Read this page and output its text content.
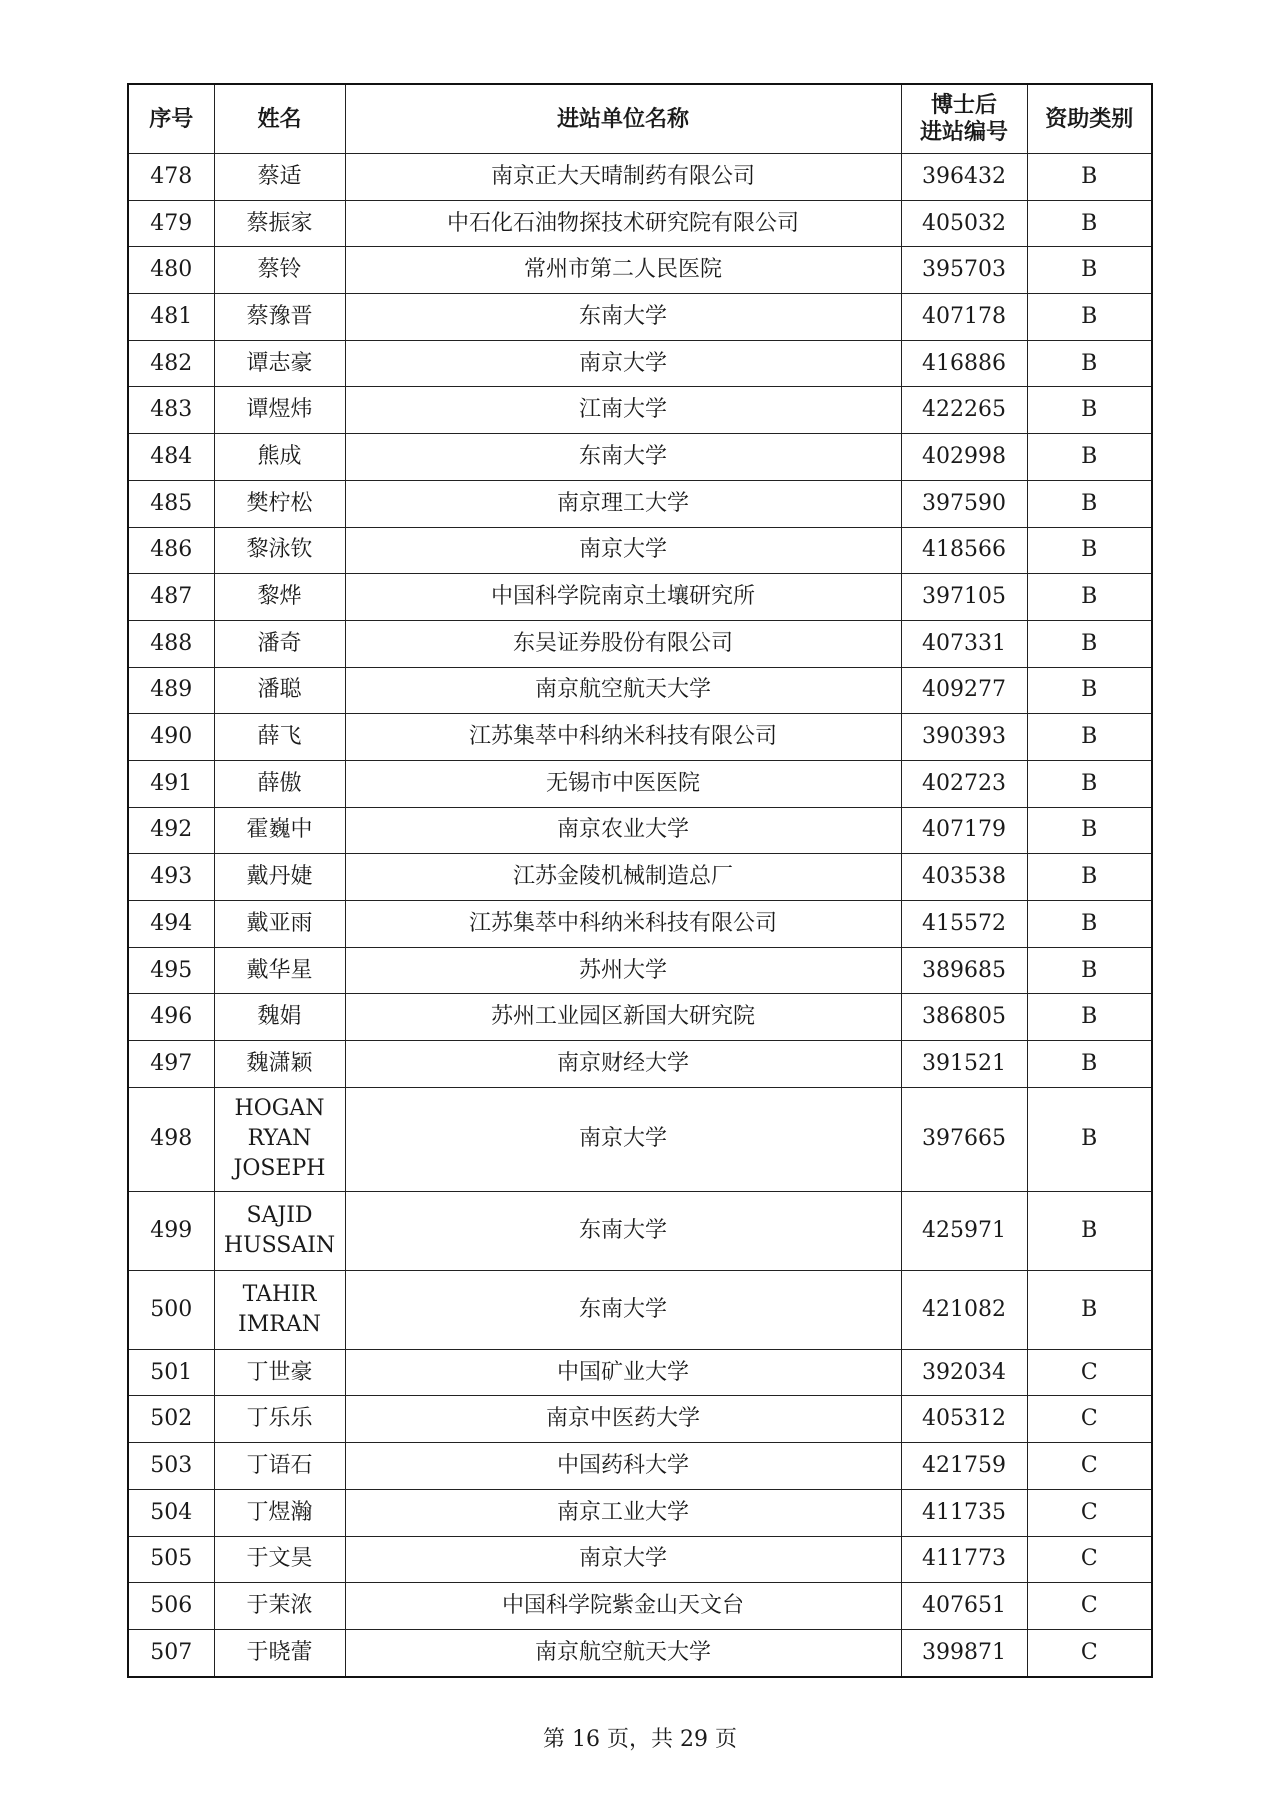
序号	姓名	进站单位名称	博士后
进站编号	资助类别
478	蔡适	南京正大天晴制药有限公司	396432	B
479	蔡振家	中石化石油物探技术研究院有限公司	405032	B
480	蔡铃	常州市第二人民医院	395703	B
481	蔡豫晋	东南大学	407178	B
482	谭志豪	南京大学	416886	B
483	谭煜炜	江南大学	422265	B
484	熊成	东南大学	402998	B
485	樊柠松	南京理工大学	397590	B
486	黎泳钦	南京大学	418566	B
487	黎烨	中国科学院南京土壤研究所	397105	B
488	潘奇	东吴证券股份有限公司	407331	B
489	潘聪	南京航空航天大学	409277	B
490	薛飞	江苏集萃中科纳米科技有限公司	390393	B
491	薛傲	无锡市中医医院	402723	B
492	霍巍中	南京农业大学	407179	B
493	戴丹婕	江苏金陵机械制造总厂	403538	B
494	戴亚雨	江苏集萃中科纳米科技有限公司	415572	B
495	戴华星	苏州大学	389685	B
496	魏娟	苏州工业园区新国大研究院	386805	B
497	魏潇颖	南京财经大学	391521	B
498	HOGAN
RYAN
JOSEPH	南京大学	397665	B
499	SAJID
HUSSAIN	东南大学	425971	B
500	TAHIR
IMRAN	东南大学	421082	B
501	丁世豪	中国矿业大学	392034	C
502	丁乐乐	南京中医药大学	405312	C
503	丁语石	中国药科大学	421759	C
504	丁煜瀚	南京工业大学	411735	C
505	于文昊	南京大学	411773	C
506	于茉浓	中国科学院紫金山天文台	407651	C
507	于晓蕾	南京航空航天大学	399871	C
第 16 页，共 29 页
